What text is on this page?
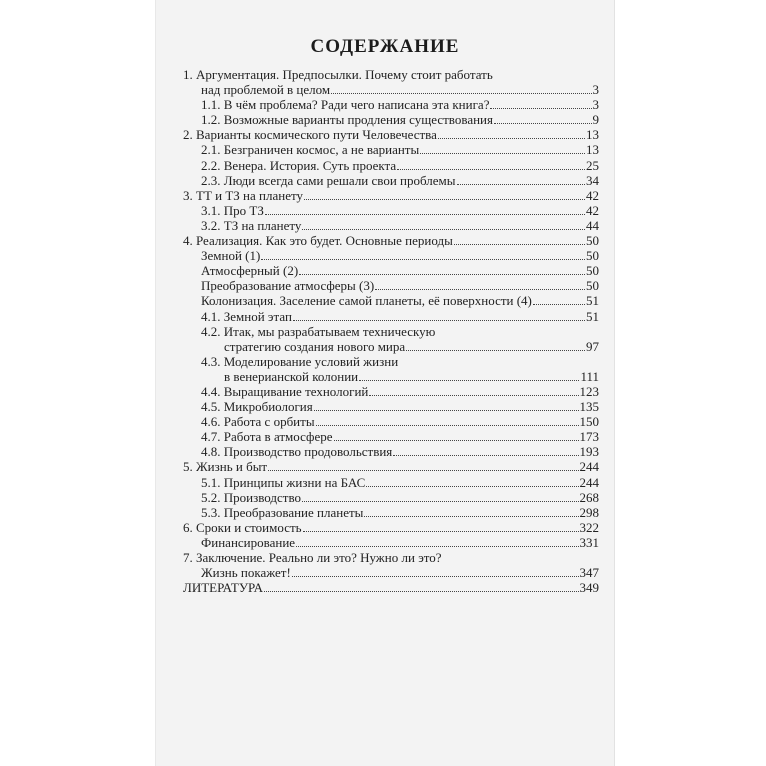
СОДЕРЖАНИЕ
1. Аргументация. Предпосылки. Почему стоит работать
над проблемой в целом	3
1.1. В чём проблема? Ради чего написана эта книга?	3
1.2. Возможные варианты продления существования	9
2. Варианты космического пути Человечества	13
2.1. Безграничен космос, а не варианты	13
2.2. Венера. История. Суть проекта	25
2.3. Люди всегда сами решали свои проблемы	34
3. ТТ и ТЗ на планету	42
3.1. Про ТЗ	42
3.2. ТЗ на планету	44
4. Реализация. Как это будет. Основные периоды	50
Земной (1)	50
Атмосферный (2)	50
Преобразование атмосферы (3)	50
Колонизация. Заселение самой планеты, её поверхности (4)	51
4.1. Земной этап	51
4.2. Итак, мы разрабатываем техническую
стратегию создания нового мира	97
4.3. Моделирование условий жизни
в венерианской колонии	111
4.4. Выращивание технологий	123
4.5. Микробиология	135
4.6. Работа с орбиты	150
4.7. Работа в атмосфере	173
4.8. Производство продовольствия	193
5. Жизнь и быт	244
5.1. Принципы жизни на БАС	244
5.2. Производство	268
5.3. Преобразование планеты	298
6. Сроки и стоимость	322
Финансирование	331
7. Заключение. Реально ли это? Нужно ли это?
Жизнь покажет!	347
ЛИТЕРАТУРА	349
